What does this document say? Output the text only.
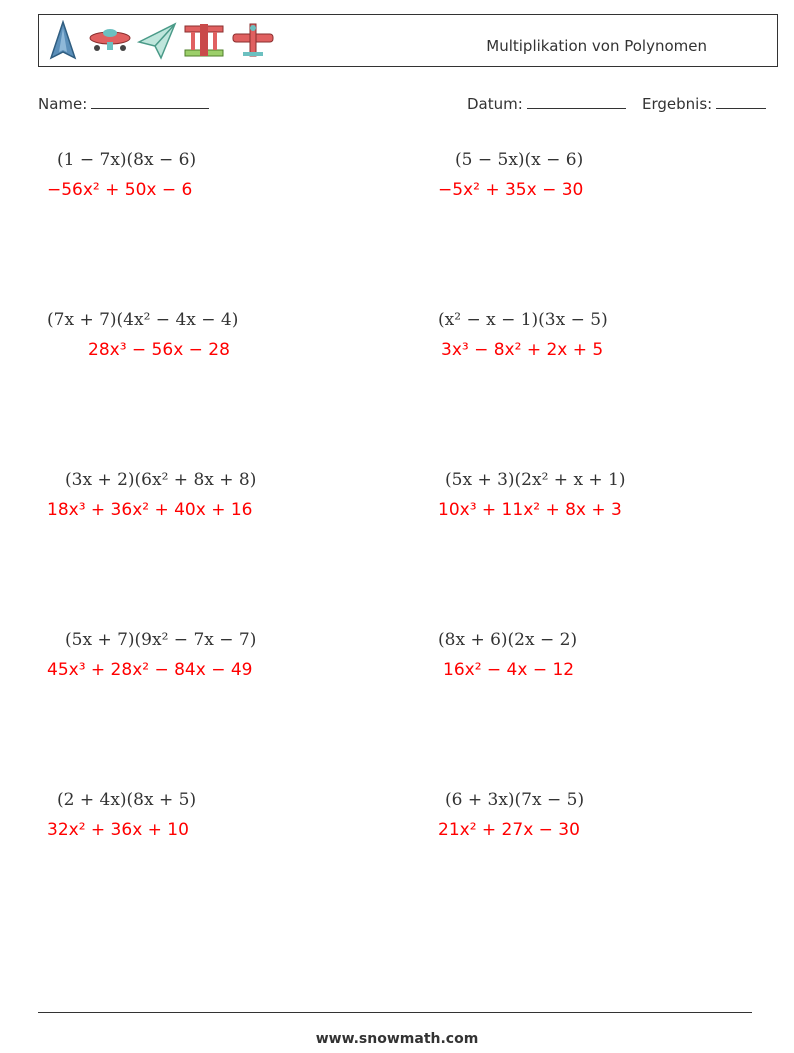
Multiplikation von Polynomen
Name:	Datum:	Ergebnis:
(1 − 7x)(8x − 6)
−56x² + 50x − 6
(5 − 5x)(x − 6)
−5x² + 35x − 30
(7x + 7)(4x² − 4x − 4)
28x³ − 56x − 28
(x² − x − 1)(3x − 5)
3x³ − 8x² + 2x + 5
(3x + 2)(6x² + 8x + 8)
18x³ + 36x² + 40x + 16
(5x + 3)(2x² + x + 1)
10x³ + 11x² + 8x + 3
(5x + 7)(9x² − 7x − 7)
45x³ + 28x² − 84x − 49
(8x + 6)(2x − 2)
16x² − 4x − 12
(2 + 4x)(8x + 5)
32x² + 36x + 10
(6 + 3x)(7x − 5)
21x² + 27x − 30
www.snowmath.com
